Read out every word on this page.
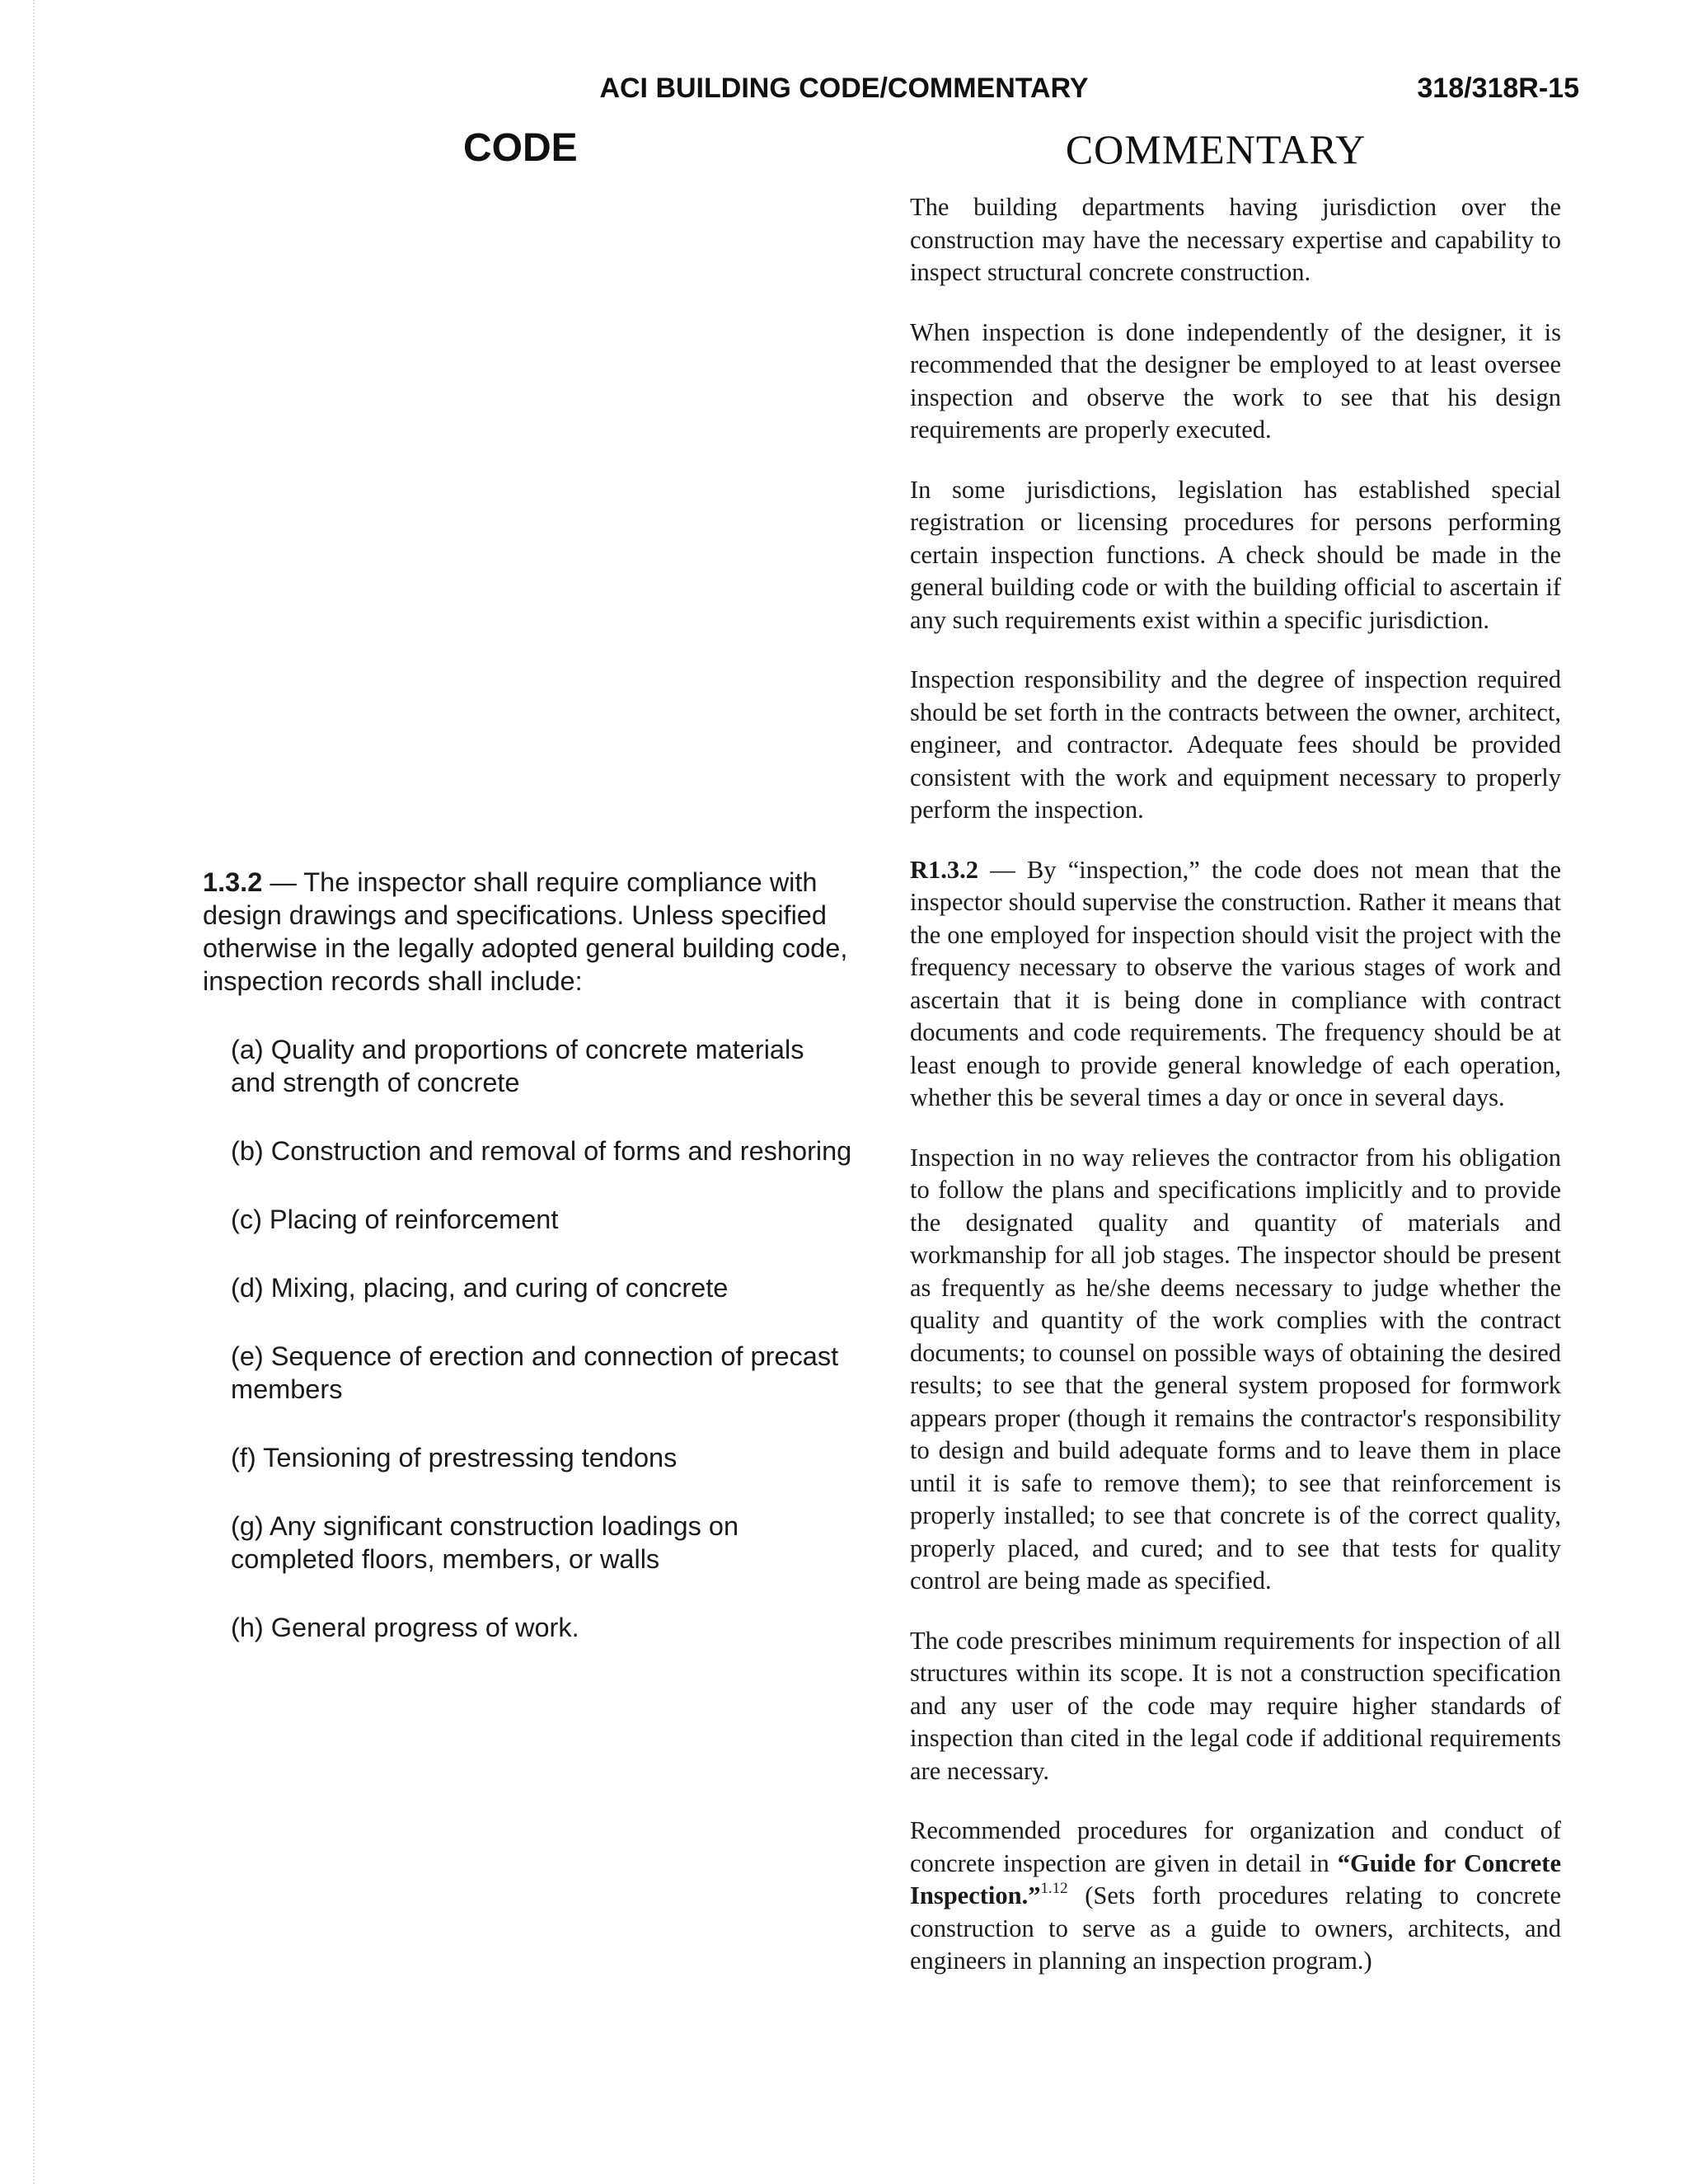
ACI BUILDING CODE/COMMENTARY	318/318R-15
CODE	COMMENTARY

1.3.2 — The inspector shall require compliance with design drawings and specifications. Unless specified otherwise in the legally adopted general building code, inspection records shall include:

(a) Quality and proportions of concrete materials and strength of concrete

(b) Construction and removal of forms and reshoring

(c) Placing of reinforcement

(d) Mixing, placing, and curing of concrete

(e) Sequence of erection and connection of precast members

(f) Tensioning of prestressing tendons

(g) Any significant construction loadings on completed floors, members, or walls

(h) General progress of work.

The building departments having jurisdiction over the construction may have the necessary expertise and capability to inspect structural concrete construction.

When inspection is done independently of the designer, it is recommended that the designer be employed to at least oversee inspection and observe the work to see that his design requirements are properly executed.

In some jurisdictions, legislation has established special registration or licensing procedures for persons performing certain inspection functions. A check should be made in the general building code or with the building official to ascertain if any such requirements exist within a specific jurisdiction.

Inspection responsibility and the degree of inspection required should be set forth in the contracts between the owner, architect, engineer, and contractor. Adequate fees should be provided consistent with the work and equipment necessary to properly perform the inspection.

R1.3.2 — By “inspection,” the code does not mean that the inspector should supervise the construction. Rather it means that the one employed for inspection should visit the project with the frequency necessary to observe the various stages of work and ascertain that it is being done in compliance with contract documents and code requirements. The frequency should be at least enough to provide general knowledge of each operation, whether this be several times a day or once in several days.

Inspection in no way relieves the contractor from his obligation to follow the plans and specifications implicitly and to provide the designated quality and quantity of materials and workmanship for all job stages. The inspector should be present as frequently as he/she deems necessary to judge whether the quality and quantity of the work complies with the contract documents; to counsel on possible ways of obtaining the desired results; to see that the general system proposed for formwork appears proper (though it remains the contractor's responsibility to design and build adequate forms and to leave them in place until it is safe to remove them); to see that reinforcement is properly installed; to see that concrete is of the correct quality, properly placed, and cured; and to see that tests for quality control are being made as specified.

The code prescribes minimum requirements for inspection of all structures within its scope. It is not a construction specification and any user of the code may require higher standards of inspection than cited in the legal code if additional requirements are necessary.

Recommended procedures for organization and conduct of concrete inspection are given in detail in “Guide for Concrete Inspection.”$^{1.12}$ (Sets forth procedures relating to concrete construction to serve as a guide to owners, architects, and engineers in planning an inspection program.)
